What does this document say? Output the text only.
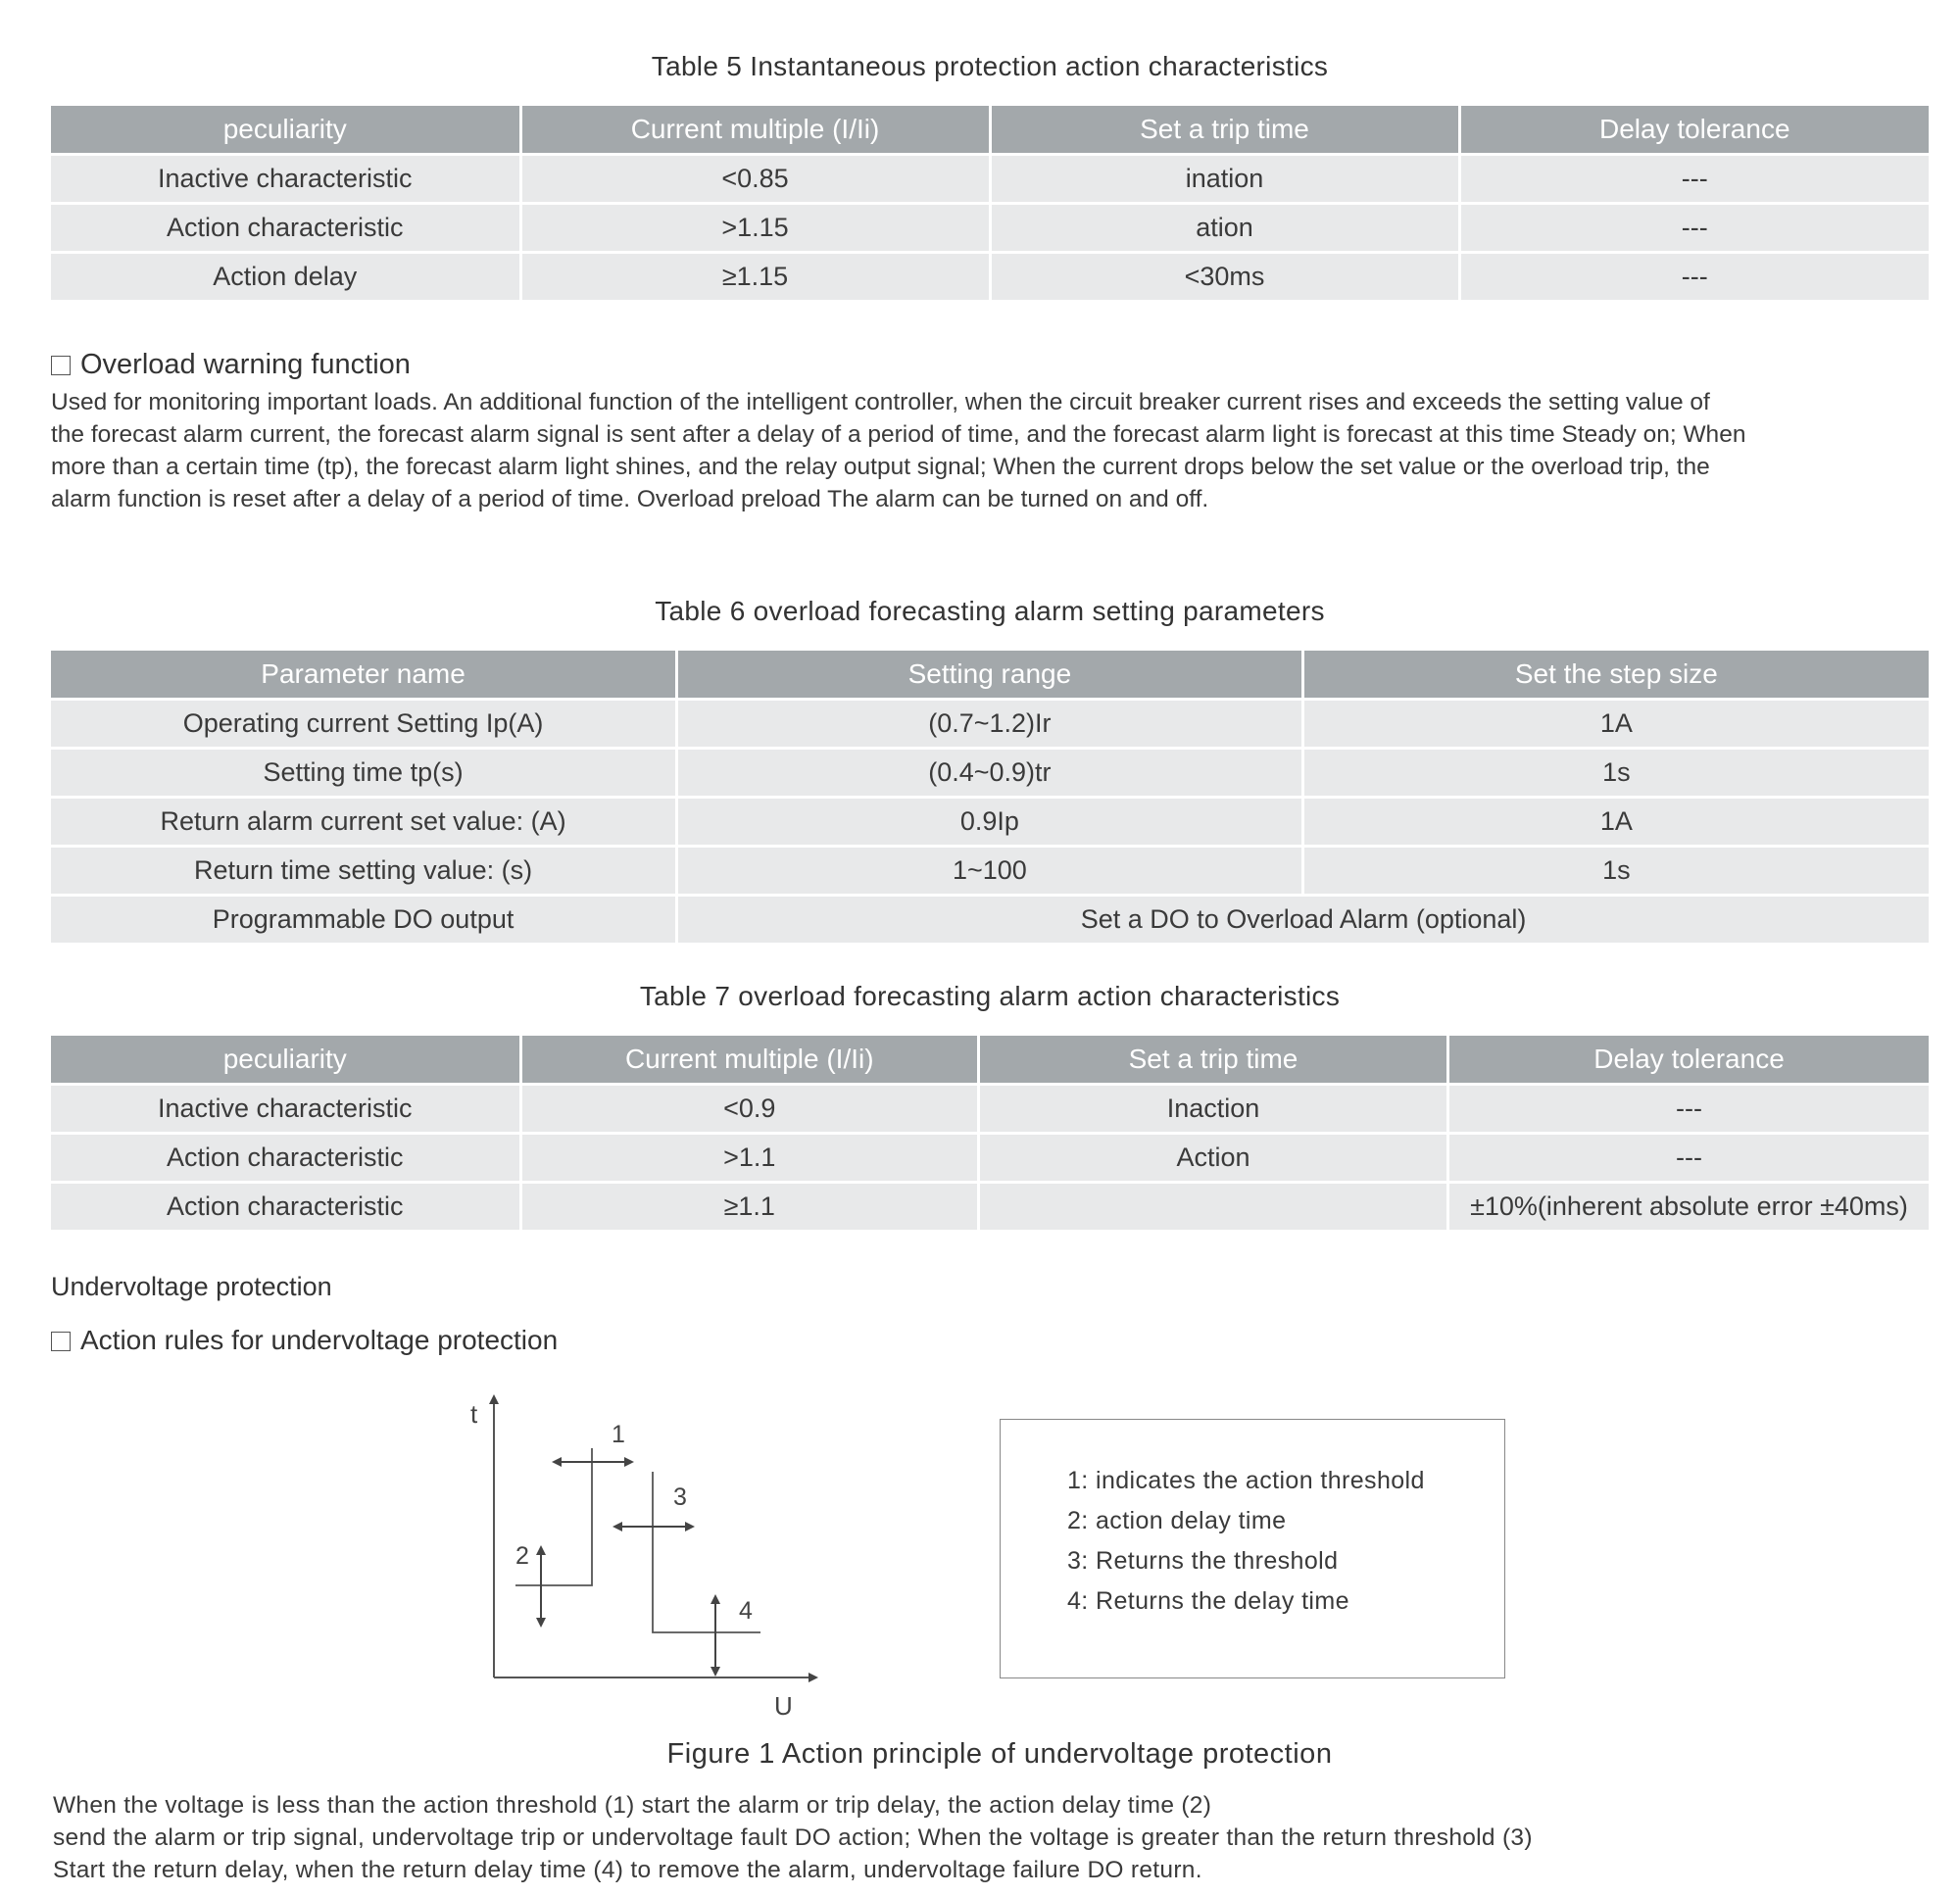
Table 5 Instantaneous protection action characteristics
peculiarity	Current multiple (I/Ii)	Set a trip time	Delay tolerance
Inactive characteristic	<0.85	ination	---
Action characteristic	>1.15	ation	---
Action delay	≥1.15	<30ms	---
Overload warning function
Used for monitoring important loads. An additional function of the intelligent controller, when the circuit breaker current rises and exceeds the setting value of
the forecast alarm current, the forecast alarm signal is sent after a delay of a period of time, and the forecast alarm light is forecast at this time Steady on; When
more than a certain time (tp), the forecast alarm light shines, and the relay output signal; When the current drops below the set value or the overload trip, the
alarm function is reset after a delay of a period of time. Overload preload The alarm can be turned on and off.
Table 6 overload forecasting alarm setting parameters
Parameter name	Setting range	Set the step size
Operating current Setting Ip(A)	(0.7~1.2)Ir	1A
Setting time tp(s)	(0.4~0.9)tr	1s
Return alarm current set value: (A)	0.9Ip	1A
Return time setting value: (s)	1~100	1s
Programmable DO output	Set a DO to Overload Alarm (optional)	
Table 7 overload forecasting alarm action characteristics
peculiarity	Current multiple (I/Ii)	Set a trip time	Delay tolerance
Inactive characteristic	<0.9	Inaction	---
Action characteristic	>1.1	Action	---
Action characteristic	≥1.1		±10%(inherent absolute error ±40ms)
Undervoltage protection
Action rules for undervoltage protection
t
U
1
2
3
4
1: indicates the action threshold
2: action delay time
3: Returns the threshold
4: Returns the delay time
Figure 1 Action principle of undervoltage protection
When the voltage is less than the action threshold (1) start the alarm or trip delay, the action delay time (2)
send the alarm or trip signal, undervoltage trip or undervoltage fault DO action; When the voltage is greater than the return threshold (3)
Start the return delay, when the return delay time (4) to remove the alarm, undervoltage failure DO return.
